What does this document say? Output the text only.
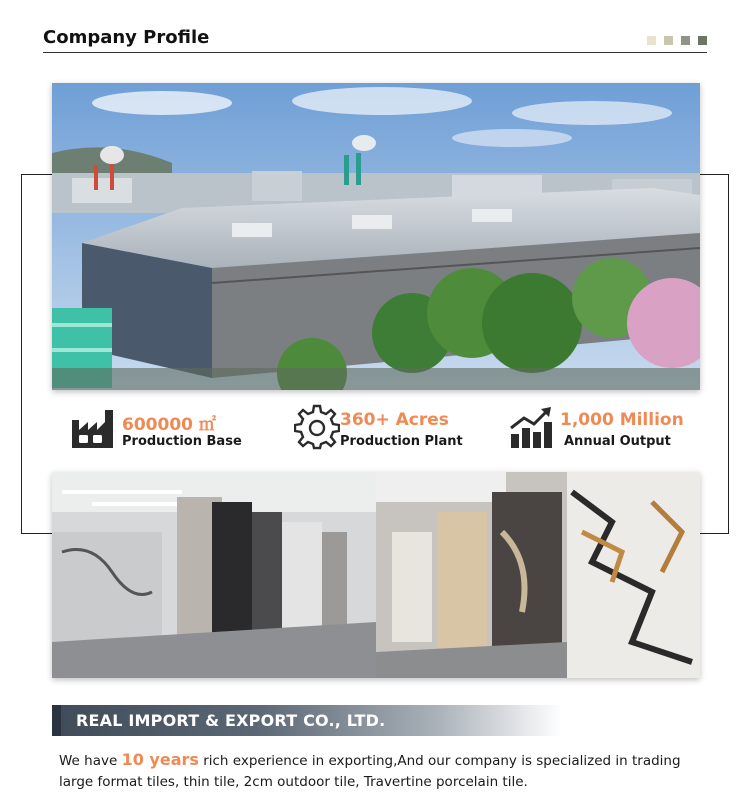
Company Profile
600000 ㎡
Production Base
360+ Acres
Production Plant
1,000 Million
Annual Output
REAL IMPORT & EXPORT CO., LTD.
We have 10 years rich experience in exporting,And our company is specialized in trading large format tiles, thin tile, 2cm outdoor tile, Travertine porcelain tile.
